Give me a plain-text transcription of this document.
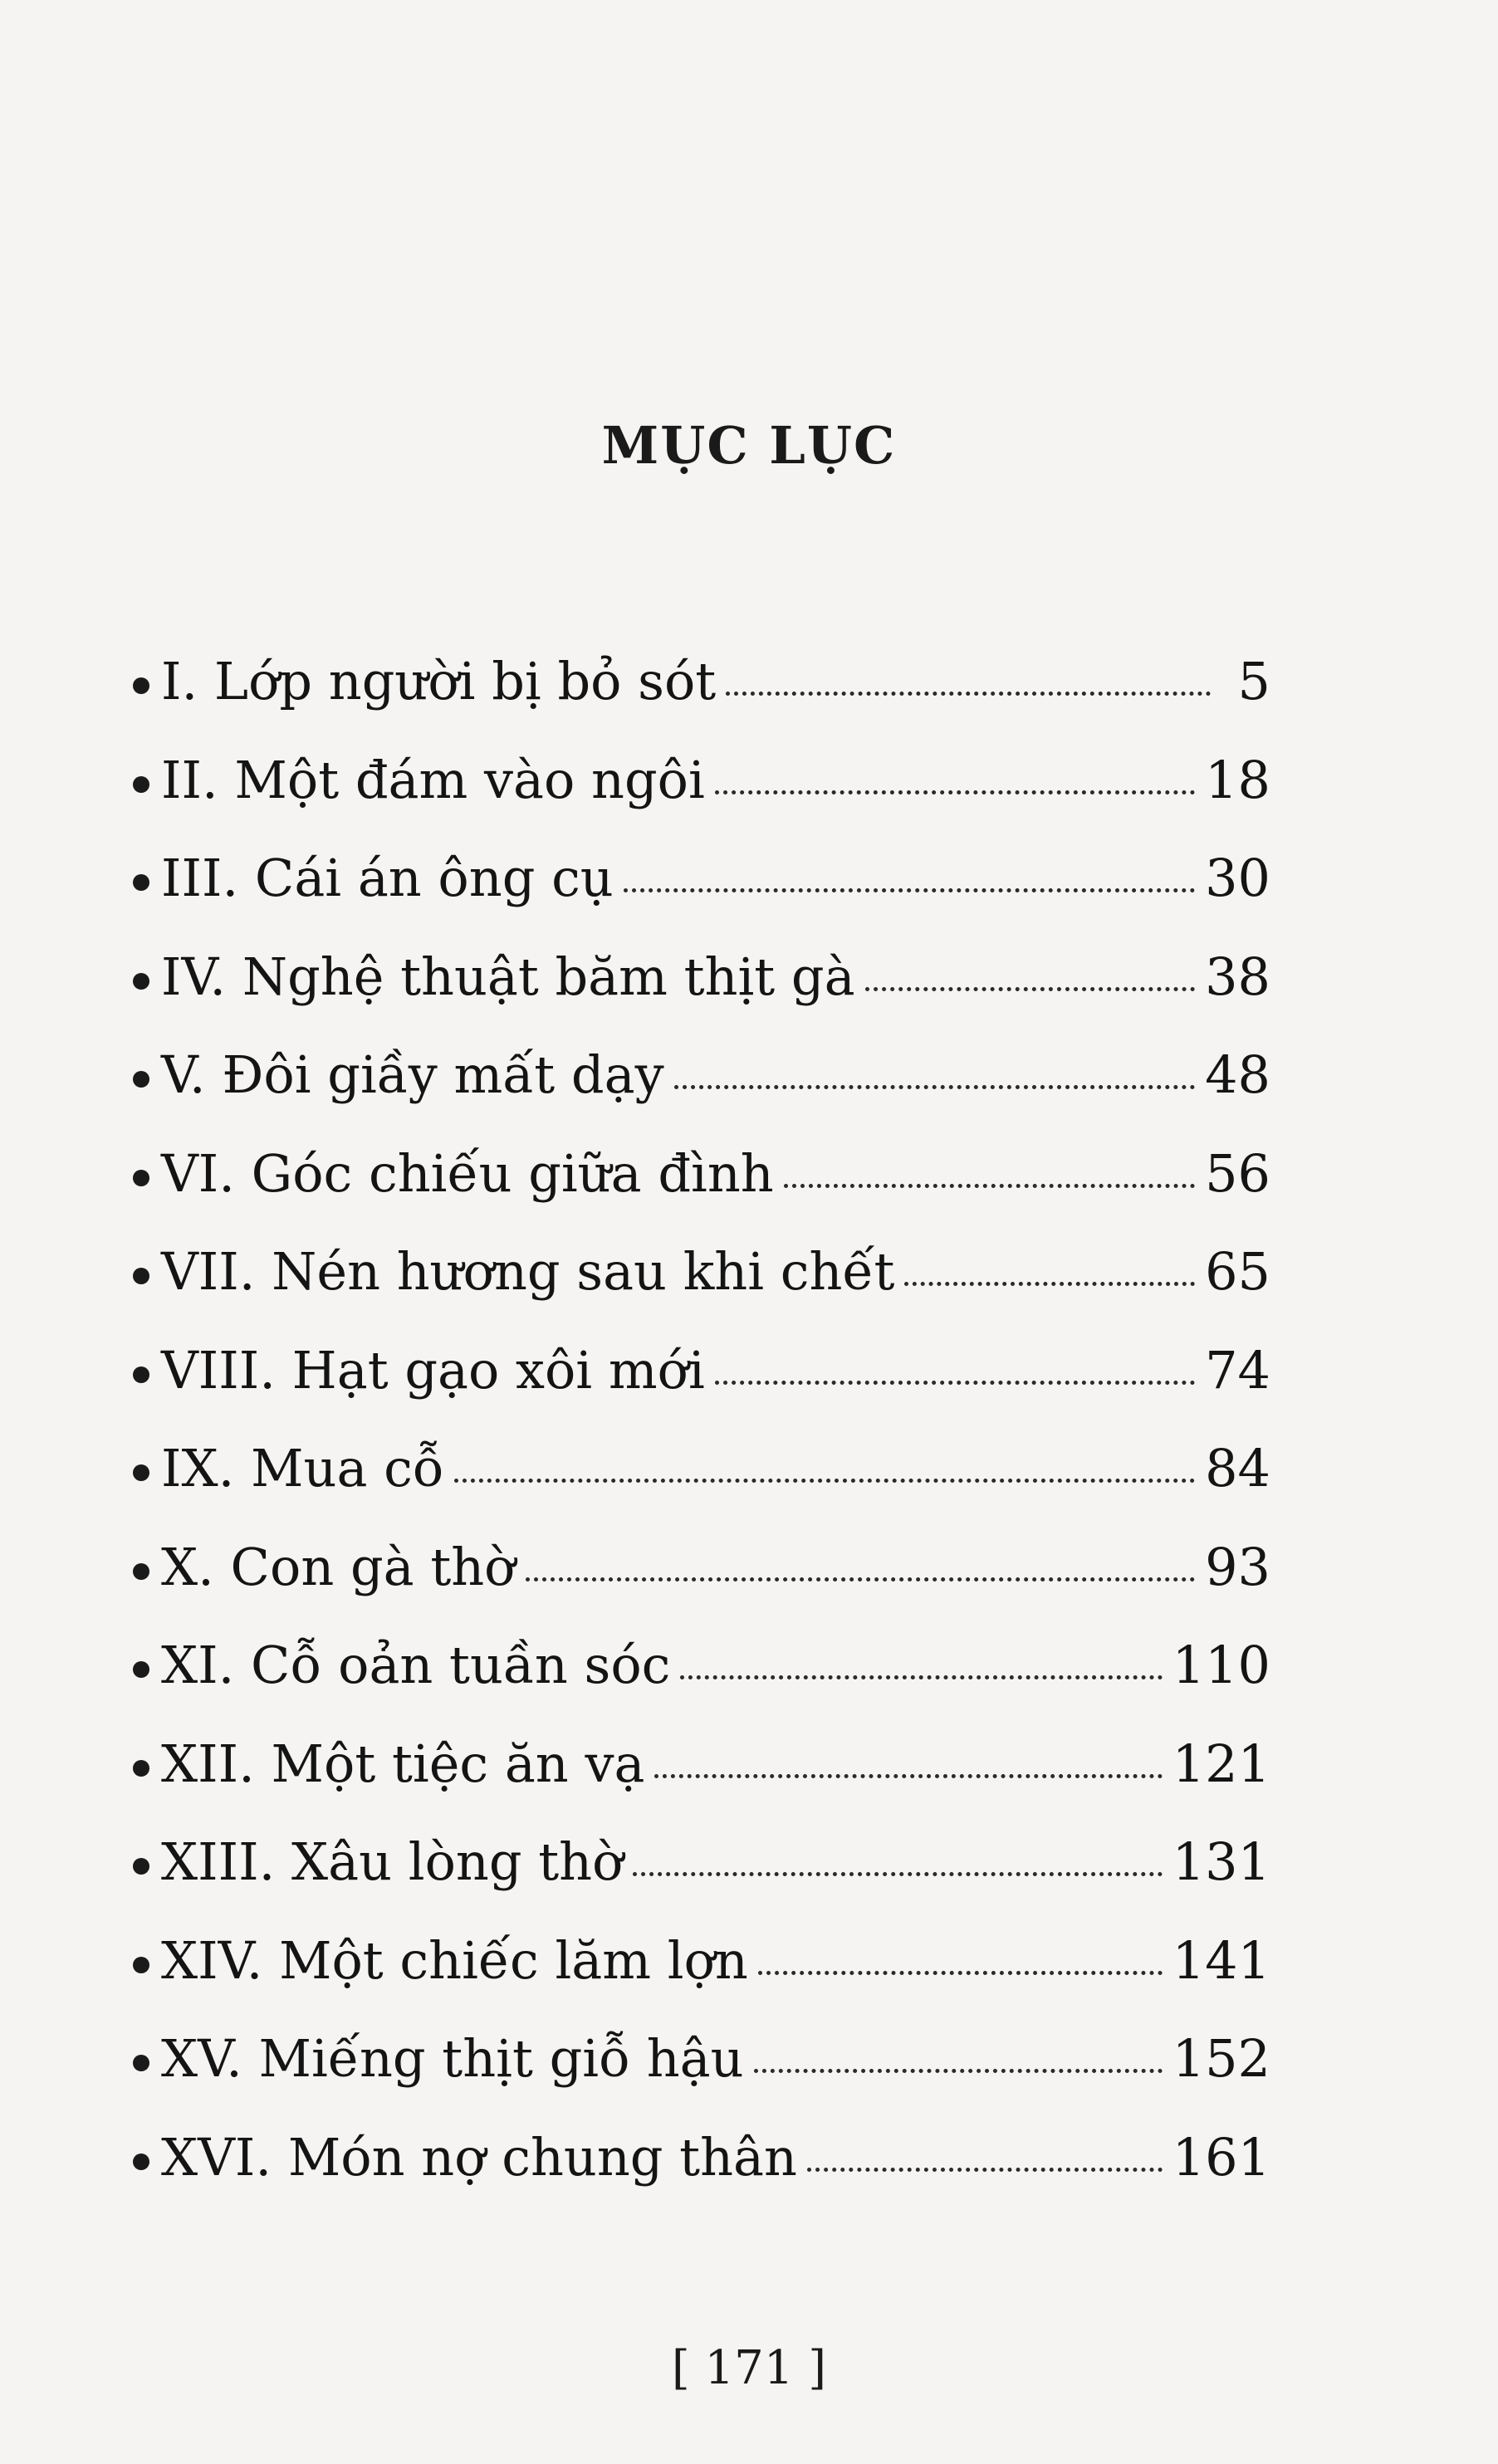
MỤC LỤC
I. Lớp người bị bỏ sót	5
II. Một đám vào ngôi	18
III. Cái án ông cụ	30
IV. Nghệ thuật băm thịt gà	38
V. Đôi giầy mất dạy	48
VI. Góc chiếu giữa đình	56
VII. Nén hương sau khi chết	65
VIII. Hạt gạo xôi mới	74
IX. Mua cỗ	84
X. Con gà thờ	93
XI. Cỗ oản tuần sóc	110
XII. Một tiệc ăn vạ	121
XIII. Xâu lòng thờ	131
XIV. Một chiếc lăm lợn	141
XV. Miếng thịt giỗ hậu	152
XVI. Món nợ chung thân	161
[ 171 ]
